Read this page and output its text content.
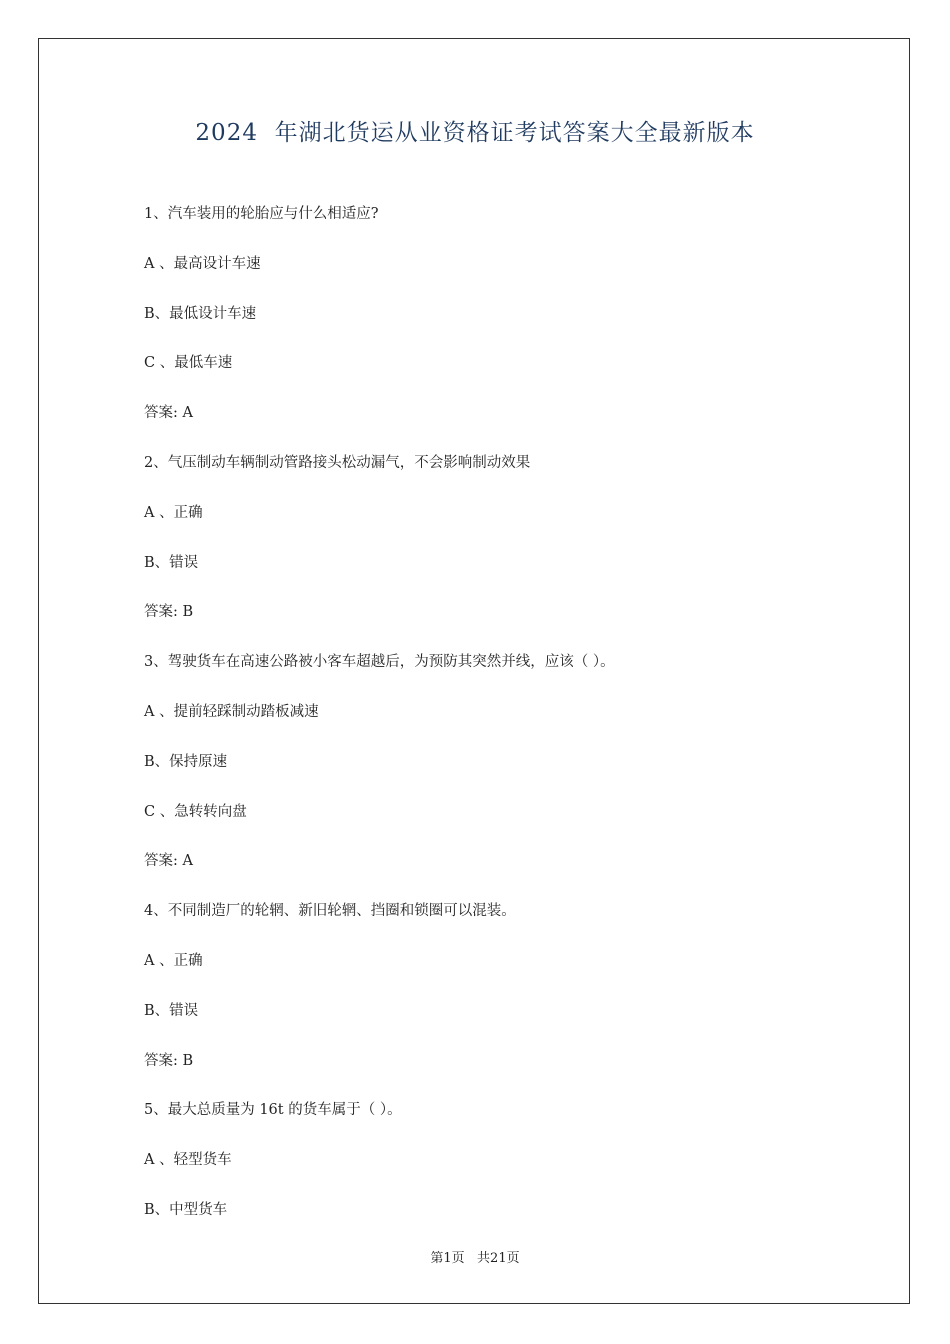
2024  年湖北货运从业资格证考试答案大全最新版本
1、汽车装用的轮胎应与什么相适应?
A 、最高设计车速
B、最低设计车速
C 、最低车速
答案: A
2、气压制动车辆制动管路接头松动漏气，不会影响制动效果
A 、正确
B、错误
答案: B
3、驾驶货车在高速公路被小客车超越后，为预防其突然并线，应该（ ）。
A 、提前轻踩制动踏板减速
B、保持原速
C 、急转转向盘
答案: A
4、不同制造厂的轮辋、新旧轮辋、挡圈和锁圈可以混装。
A 、正确
B、错误
答案: B
5、最大总质量为 16t 的货车属于（ ）。
A 、轻型货车
B、中型货车
第1页   共21页
